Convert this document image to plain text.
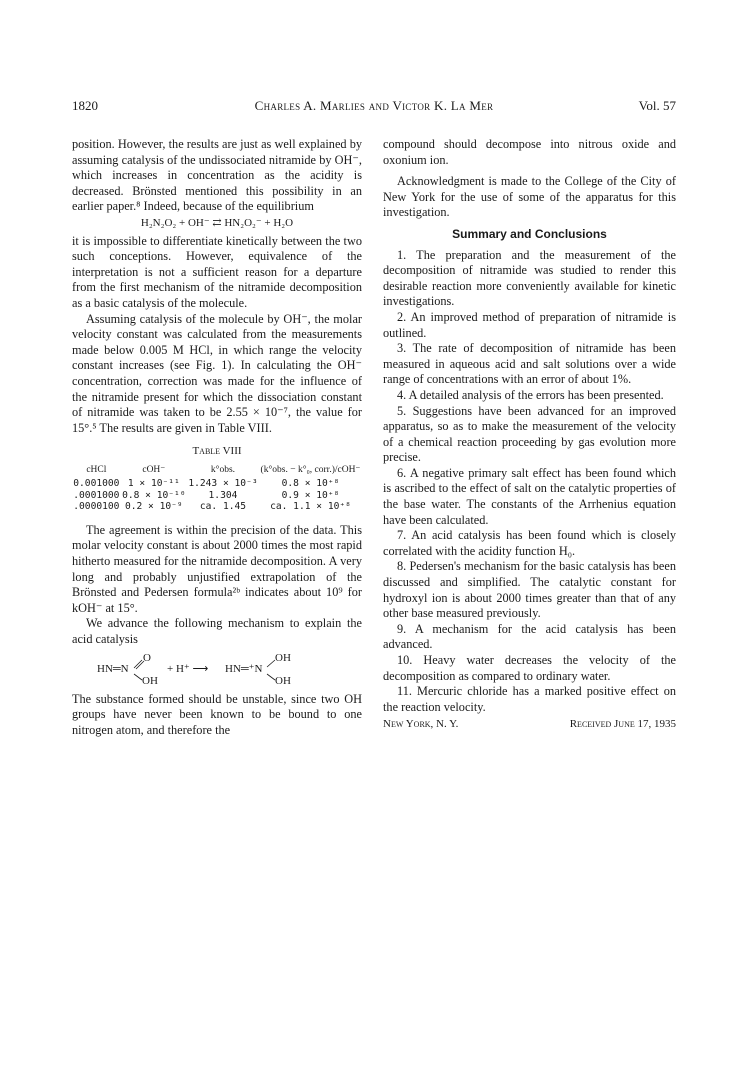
1820	Charles A. Marlies and Victor K. La Mer	Vol. 57

position. However, the results are just as well explained by assuming catalysis of the undissociated nitramide by OH⁻, which increases in concentration as the acidity is decreased. Brönsted mentioned this possibility in an earlier paper.⁸ Indeed, because of the equilibrium

H₂N₂O₂ + OH⁻ ⇄ HN₂O₂⁻ + H₂O

it is impossible to differentiate kinetically between the two such conceptions. However, equivalence of the interpretation is not a sufficient reason for a departure from the first mechanism of the nitramide decomposition as a basic catalysis of the molecule.

Assuming catalysis of the molecule by OH⁻, the molar velocity constant was calculated from the measurements made below 0.005 M HCl, in which range the velocity constant increases (see Fig. 1). In calculating the OH⁻ concentration, correction was made for the influence of the nitramide present for which the dissociation constant of nitramide was taken to be 2.55 × 10⁻⁷, the value for 15°.⁵ The results are given in Table VIII.

Table VIII
cHCl	cOH⁻	k°obs.	(k°obs. − k°₀, corr.)/cOH⁻
0.001000	1 × 10⁻¹¹	1.243 × 10⁻³	0.8 × 10⁺⁸
.0001000	0.8 × 10⁻¹⁰	1.304	0.9 × 10⁺⁸
.0000100	0.2 × 10⁻⁹	ca. 1.45	ca. 1.1 × 10⁺⁸

The agreement is within the precision of the data. This molar velocity constant is about 2000 times the most rapid hitherto measured for the nitramide decomposition. A very long and probably unjustified extrapolation of the Brönsted and Pedersen formula²ᵇ indicates about 10⁹ for kOH⁻ at 15°.

We advance the following mechanism to explain the acid catalysis

HN═N
O
OH
+ H⁺ ⟶ HN═⁺N
OH
OH

The substance formed should be unstable, since two OH groups have never been known to be bound to one nitrogen atom, and therefore the

compound should decompose into nitrous oxide and oxonium ion.

Acknowledgment is made to the College of the City of New York for the use of some of the apparatus for this investigation.

Summary and Conclusions

1. The preparation and the measurement of the decomposition of nitramide was studied to render this desirable reaction more conveniently available for kinetic investigations.

2. An improved method of preparation of nitramide is outlined.

3. The rate of decomposition of nitramide has been measured in aqueous acid and salt solutions over a wide range of concentrations with an error of about 1%.

4. A detailed analysis of the errors has been presented.

5. Suggestions have been advanced for an improved apparatus, so as to make the measurement of the velocity of a chemical reaction proceeding by gas evolution more precise.

6. A negative primary salt effect has been found which is ascribed to the effect of salt on the catalytic properties of the base water. The constants of the Arrhenius equation have been calculated.

7. An acid catalysis has been found which is closely correlated with the acidity function H₀.

8. Pedersen's mechanism for the basic catalysis has been discussed and simplified. The catalytic constant for hydroxyl ion is about 2000 times greater than that of any other base measured previously.

9. A mechanism for the acid catalysis has been advanced.

10. Heavy water decreases the velocity of the decomposition as compared to ordinary water.

11. Mercuric chloride has a marked positive effect on the reaction velocity.

New York, N. Y.	Received June 17, 1935
